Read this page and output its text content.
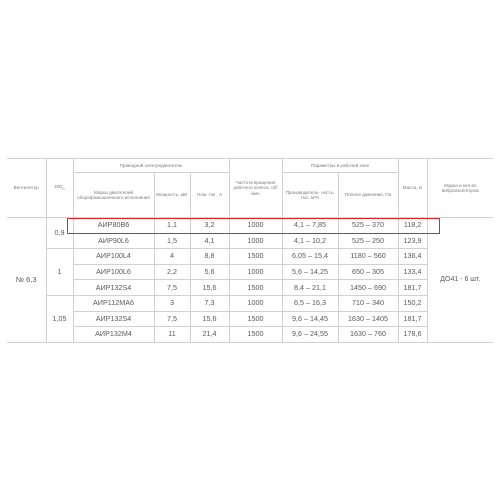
Вентилятор	$D/D_н$	Приводной электродвигатель			Частота вращения рабочего колеса, об/мин	Параметры в рабочей зоне		Масса, кг	Марка и кол-во виброизоляторов
		Марка двигателей общепромышленного исполнения	Мощность, кВт	Ном. ток , А		Производитель- ность, тыс. м³/ч	Полное давление, Па		
№ 6,3	0,9	АИР80В6	1,1	3,2	1000	4,1 – 7,85	525 – 370	118,2	ДО41 - 6 шт.
		АИР90L6	1,5	4,1	1000	4,1 – 10,2	525 – 250	123,9	
	1	АИР100L4	4	8,8	1500	6,05 – 15,4	1180 – 560	136,4	
		АИР100L6	2,2	5,6	1000	5,6 – 14,25	650 – 305	133,4	
		АИР132S4	7,5	15,6	1500	8,4 – 21,1	1450 – 690	181,7	
	1,05	АИР112МА6	3	7,3	1000	6,5 – 16,3	710 – 340	150,2	
		АИР132S4	7,5	15,6	1500	9,6 – 14,45	1630 – 1405	181,7	
		АИР132М4	11	21,4	1500	9,6 – 24,55	1630 – 760	178,6	
